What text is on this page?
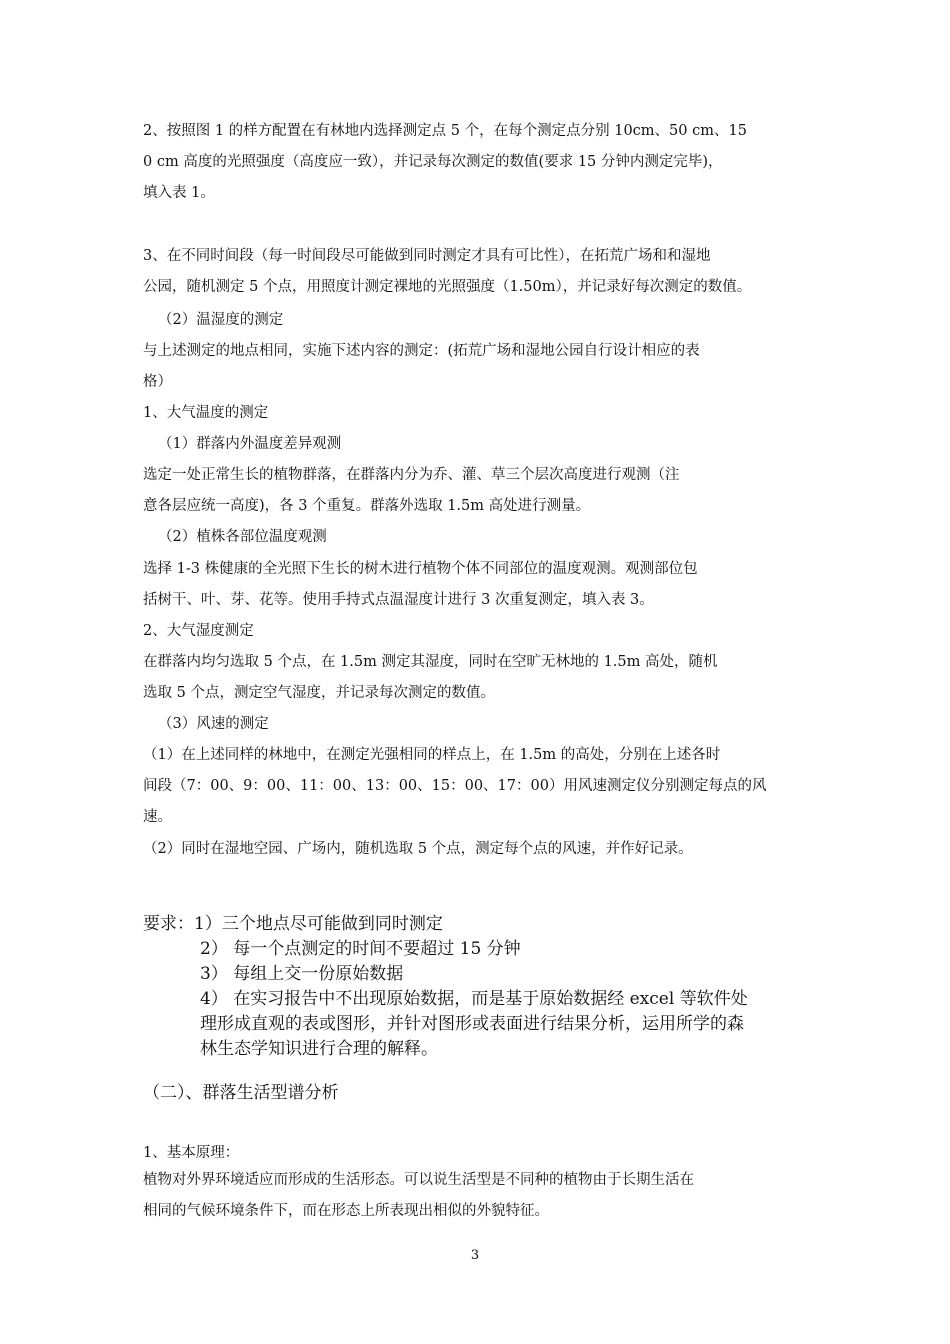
2、按照图 1 的样方配置在有林地内选择测定点 5 个，在每个测定点分别 10cm、50 cm、15
0 cm 高度的光照强度（高度应一致），并记录每次测定的数值(要求 15 分钟内测定完毕)，
填入表 1。

3、在不同时间段（每一时间段尽可能做到同时测定才具有可比性），在拓荒广场和和湿地
公园，随机测定 5 个点，用照度计测定裸地的光照强度（1.50m），并记录好每次测定的数值。

（2）温湿度的测定

与上述测定的地点相同，实施下述内容的测定：(拓荒广场和湿地公园自行设计相应的表
格）

1、大气温度的测定

（1）群落内外温度差异观测

选定一处正常生长的植物群落，在群落内分为乔、灌、草三个层次高度进行观测（注
意各层应统一高度)，各 3 个重复。群落外选取 1.5m 高处进行测量。

（2）植株各部位温度观测

选择 1-3 株健康的全光照下生长的树木进行植物个体不同部位的温度观测。观测部位包
括树干、叶、芽、花等。使用手持式点温湿度计进行 3 次重复测定，填入表 3。

2、大气湿度测定

在群落内均匀选取 5 个点，在 1.5m 测定其湿度，同时在空旷无林地的 1.5m 高处，随机
选取 5 个点，测定空气湿度，并记录每次测定的数值。

（3）风速的测定

（1）在上述同样的林地中，在测定光强相同的样点上，在 1.5m 的高处，分别在上述各时
间段（7：00、9：00、11：00、13：00、15：00、17：00）用风速测定仪分别测定每点的风
速。

（2）同时在湿地空园、广场内，随机选取 5 个点，测定每个点的风速，并作好记录。

要求：1）三个地点尽可能做到同时测定
2） 每一个点测定的时间不要超过 15 分钟
3） 每组上交一份原始数据
4） 在实习报告中不出现原始数据，而是基于原始数据经 excel 等软件处
理形成直观的表或图形，并针对图形或表面进行结果分析，运用所学的森
林生态学知识进行合理的解释。

（二）、群落生活型谱分析

1、基本原理：

植物对外界环境适应而形成的生活形态。可以说生活型是不同种的植物由于长期生活在
相同的气候环境条件下，而在形态上所表现出相似的外貌特征。

3
